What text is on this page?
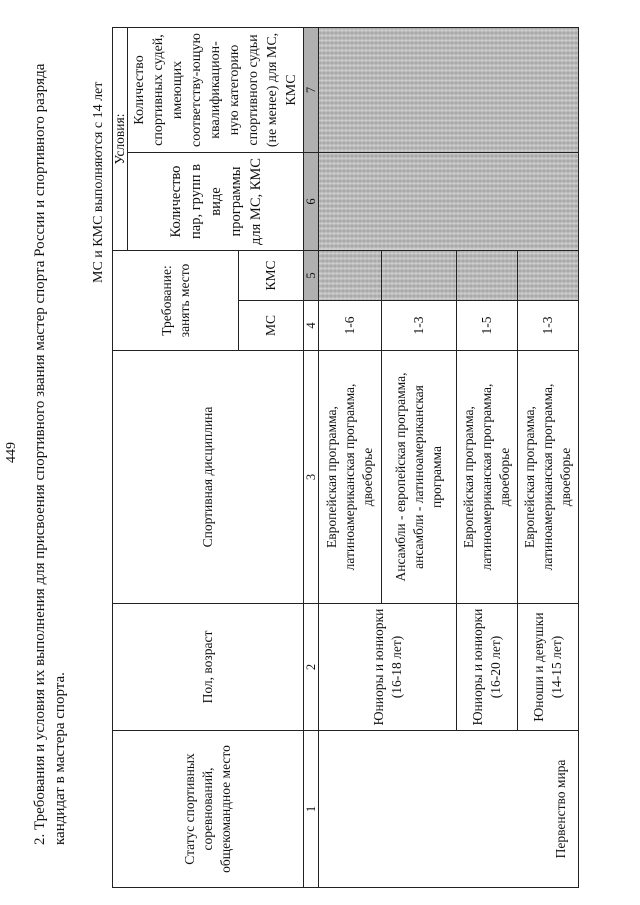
449 2. Требования и условия их выполнения для присвоения спортивного звания мастер спорта России и спортивного разряда кандидат в мастера спорта.
МС и КМС выполняются с 14 лет
Статус спортивных соревнований, общекомандное место	Пол, возраст	Спортивная дисциплина	Требование: занять место		Условия:	
					Количество пар, групп в виде программы для МС, КМС	Количество спортивных судей, имеющих соответству-ющую квалификацион-ную категорию спортивного судьи (не менее) для МС, КМС
			МС	КМС		
1	2	3	4	5	6	7
Первенство мира	Юниоры и юниорки (16-18 лет)	Европейская программа, латиноамериканская программа, двоеборье	1-6			
		Ансамбли - европейская программа, ансамбли - латиноамериканская программа	1-3			
	Юниоры и юниорки (16-20 лет)	Европейская программа, латиноамериканская программа, двоеборье	1-5			
	Юноши и девушки (14-15 лет)	Европейская программа, латиноамериканская программа, двоеборье	1-3			
